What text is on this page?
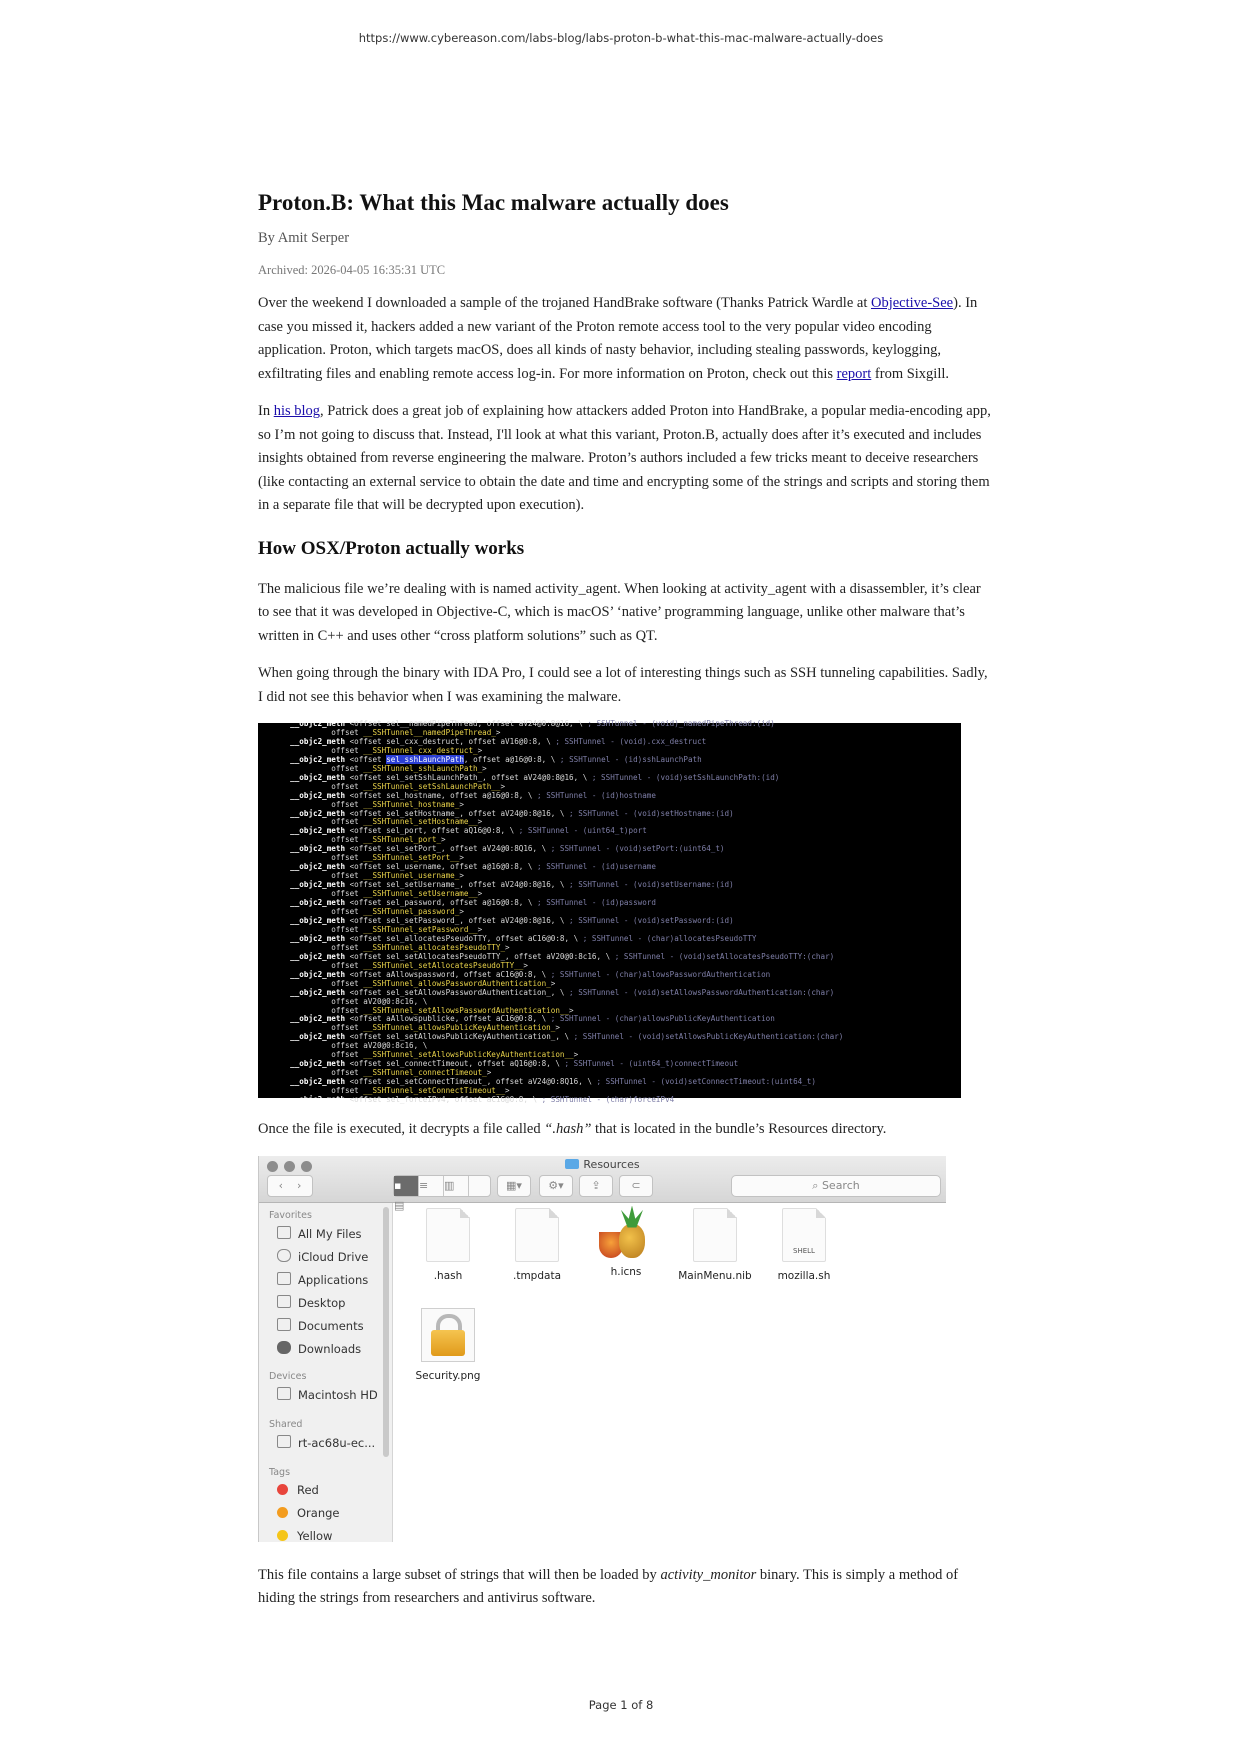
https://www.cybereason.com/labs-blog/labs-proton-b-what-this-mac-malware-actually-does
Proton.B: What this Mac malware actually does
By Amit Serper
Archived: 2026-04-05 16:35:31 UTC

Over the weekend I downloaded a sample of the trojaned HandBrake software (Thanks Patrick Wardle at Objective-See). In case you missed it, hackers added a new variant of the Proton remote access tool to the very popular video encoding application. Proton, which targets macOS, does all kinds of nasty behavior, including stealing passwords, keylogging, exfiltrating files and enabling remote access log-in. For more information on Proton, check out this report from Sixgill.

In his blog, Patrick does a great job of explaining how attackers added Proton into HandBrake, a popular media-encoding app, so I’m not going to discuss that. Instead, I'll look at what this variant, Proton.B, actually does after it’s executed and includes insights obtained from reverse engineering the malware. Proton’s authors included a few tricks meant to deceive researchers (like contacting an external service to obtain the date and time and encrypting some of the strings and scripts and storing them in a separate file that will be decrypted upon execution).

How OSX/Proton actually works

The malicious file we’re dealing with is named activity_agent. When looking at activity_agent with a disassembler, it’s clear to see that it was developed in Objective-C, which is macOS’ ‘native’ programming language, unlike other malware that’s written in C++ and uses other “cross platform solutions” such as QT.

When going through the binary with IDA Pro, I could see a lot of interesting things such as SSH tunneling capabilities. Sadly, I did not see this behavior when I was examining the malware.

__objc2_meth <offset sel__namedPipeThread, offset aV24@0:8@16, \ ; SSHTunnel - (void)_namedPipeThread:(id)
offset __SSHTunnel__namedPipeThread_>
__objc2_meth <offset sel_cxx_destruct, offset aV16@0:8, \ ; SSHTunnel - (void).cxx_destruct
offset __SSHTunnel_cxx_destruct_>
__objc2_meth <offset sel_sshLaunchPath, offset a@16@0:8, \ ; SSHTunnel - (id)sshLaunchPath
offset __SSHTunnel_sshLaunchPath_>
__objc2_meth <offset sel_setSshLaunchPath_, offset aV24@0:8@16, \ ; SSHTunnel - (void)setSshLaunchPath:(id)
offset __SSHTunnel_setSshLaunchPath__>
__objc2_meth <offset sel_hostname, offset a@16@0:8, \ ; SSHTunnel - (id)hostname
offset __SSHTunnel_hostname_>
__objc2_meth <offset sel_setHostname_, offset aV24@0:8@16, \ ; SSHTunnel - (void)setHostname:(id)
offset __SSHTunnel_setHostname__>
__objc2_meth <offset sel_port, offset aQ16@0:8, \ ; SSHTunnel - (uint64_t)port
offset __SSHTunnel_port_>
__objc2_meth <offset sel_setPort_, offset aV24@0:8Q16, \ ; SSHTunnel - (void)setPort:(uint64_t)
offset __SSHTunnel_setPort__>
__objc2_meth <offset sel_username, offset a@16@0:8, \ ; SSHTunnel - (id)username
offset __SSHTunnel_username_>
__objc2_meth <offset sel_setUsername_, offset aV24@0:8@16, \ ; SSHTunnel - (void)setUsername:(id)
offset __SSHTunnel_setUsername__>
__objc2_meth <offset sel_password, offset a@16@0:8, \ ; SSHTunnel - (id)password
offset __SSHTunnel_password_>
__objc2_meth <offset sel_setPassword_, offset aV24@0:8@16, \ ; SSHTunnel - (void)setPassword:(id)
offset __SSHTunnel_setPassword__>
__objc2_meth <offset sel_allocatesPseudoTTY, offset aC16@0:8, \ ; SSHTunnel - (char)allocatesPseudoTTY
offset __SSHTunnel_allocatesPseudoTTY_>
__objc2_meth <offset sel_setAllocatesPseudoTTY_, offset aV20@0:8c16, \ ; SSHTunnel - (void)setAllocatesPseudoTTY:(char)
offset __SSHTunnel_setAllocatesPseudoTTY__>
__objc2_meth <offset aAllowspassword, offset aC16@0:8, \ ; SSHTunnel - (char)allowsPasswordAuthentication
offset __SSHTunnel_allowsPasswordAuthentication_>
__objc2_meth <offset sel_setAllowsPasswordAuthentication_, \ ; SSHTunnel - (void)setAllowsPasswordAuthentication:(char)
offset aV20@0:8c16, \
offset __SSHTunnel_setAllowsPasswordAuthentication__>
__objc2_meth <offset aAllowspublicke, offset aC16@0:8, \ ; SSHTunnel - (char)allowsPublicKeyAuthentication
offset __SSHTunnel_allowsPublicKeyAuthentication_>
__objc2_meth <offset sel_setAllowsPublicKeyAuthentication_, \ ; SSHTunnel - (void)setAllowsPublicKeyAuthentication:(char)
offset aV20@0:8c16, \
offset __SSHTunnel_setAllowsPublicKeyAuthentication__>
__objc2_meth <offset sel_connectTimeout, offset aQ16@0:8, \ ; SSHTunnel - (uint64_t)connectTimeout
offset __SSHTunnel_connectTimeout_>
__objc2_meth <offset sel_setConnectTimeout_, offset aV24@0:8Q16, \ ; SSHTunnel - (void)setConnectTimeout:(uint64_t)
offset __SSHTunnel_setConnectTimeout__>
__objc2_meth <offset sel_forceIPv4, offset aC16@0:8, \ ; SSHTunnel - (char)forceIPv4

Once the file is executed, it decrypts a file called “.hash” that is located in the bundle’s Resources directory.

Resources
‹    ›	▪ ≡ ▥▤
▦▾	⚙▾	⇪	⊂	⌕ Search
Favorites
All My Files
iCloud Drive
Applications
Desktop
Documents
Downloads
Devices
Macintosh HD
Shared
rt-ac68u-ec...
Tags
Red
Orange
Yellow
.hash	.tmpdata	h.icns	MainMenu.nib
SHELL
mozilla.sh
Security.png

This file contains a large subset of strings that will then be loaded by activity_monitor binary. This is simply a method of hiding the strings from researchers and antivirus software.

Page 1 of 8
